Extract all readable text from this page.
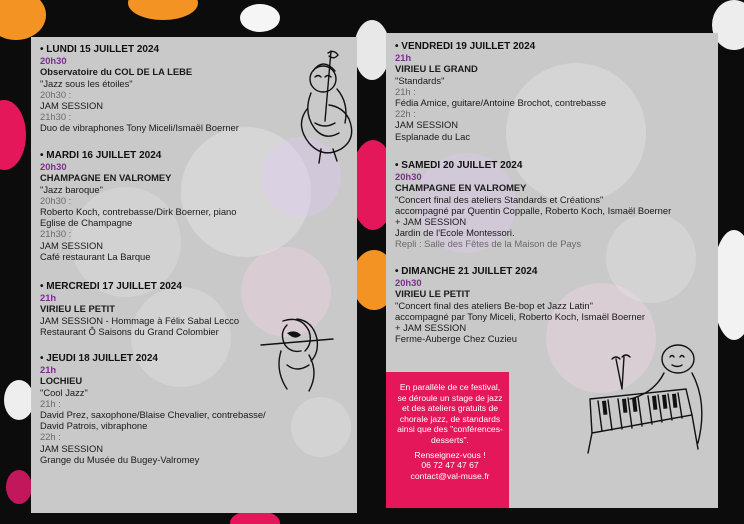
• LUNDI 15 JUILLET 2024
20h30
Observatoire du COL DE LA LEBE
"Jazz sous les étoiles"
20h30 :
JAM SESSION
21h30 :
Duo de vibraphones Tony Miceli/Ismaël Boerner
• MARDI 16 JUILLET 2024
20h30
CHAMPAGNE EN VALROMEY
"Jazz baroque"
20h30 :
Roberto Koch, contrebasse/Dirk Boerner, piano
Eglise de Champagne
21h30 :
JAM SESSION
Café restaurant La Barque
• MERCREDI 17 JUILLET 2024
21h
VIRIEU LE PETIT
JAM SESSION - Hommage à Félix Sabal Lecco
Restaurant Ô Saisons du Grand Colombier
• JEUDI 18 JUILLET 2024
21h
LOCHIEU
"Cool Jazz"
21h :
David Prez, saxophone/Blaise Chevalier, contrebasse/
David Patrois, vibraphone
22h :
JAM SESSION
Grange du Musée du Bugey-Valromey
• VENDREDI 19 JUILLET 2024
21h
VIRIEU LE GRAND
"Standards"
21h :
Fédia Amice, guitare/Antoine Brochot, contrebasse
22h :
JAM SESSION
Esplanade du Lac
• SAMEDI 20 JUILLET 2024
20h30
CHAMPAGNE EN VALROMEY
"Concert final des ateliers Standards et Créations"
accompagné par Quentin Coppalle, Roberto Koch, Ismaël Boerner
+ JAM SESSION
Jardin de l'Ecole Montessori.
Repli : Salle des Fêtes de la Maison de Pays
• DIMANCHE 21 JUILLET 2024
20h30
VIRIEU LE PETIT
"Concert final des ateliers Be-bop et Jazz Latin"
accompagné par Tony Miceli, Roberto Koch, Ismaël Boerner
+ JAM SESSION
Ferme-Auberge Chez Cuzieu
En parallèle de ce festival, se déroule un stage de jazz et des ateliers gratuits de chorale jazz, de standards ainsi que des "conférences-desserts".
Renseignez-vous !
06 72 47 47 67
contact@val-muse.fr
